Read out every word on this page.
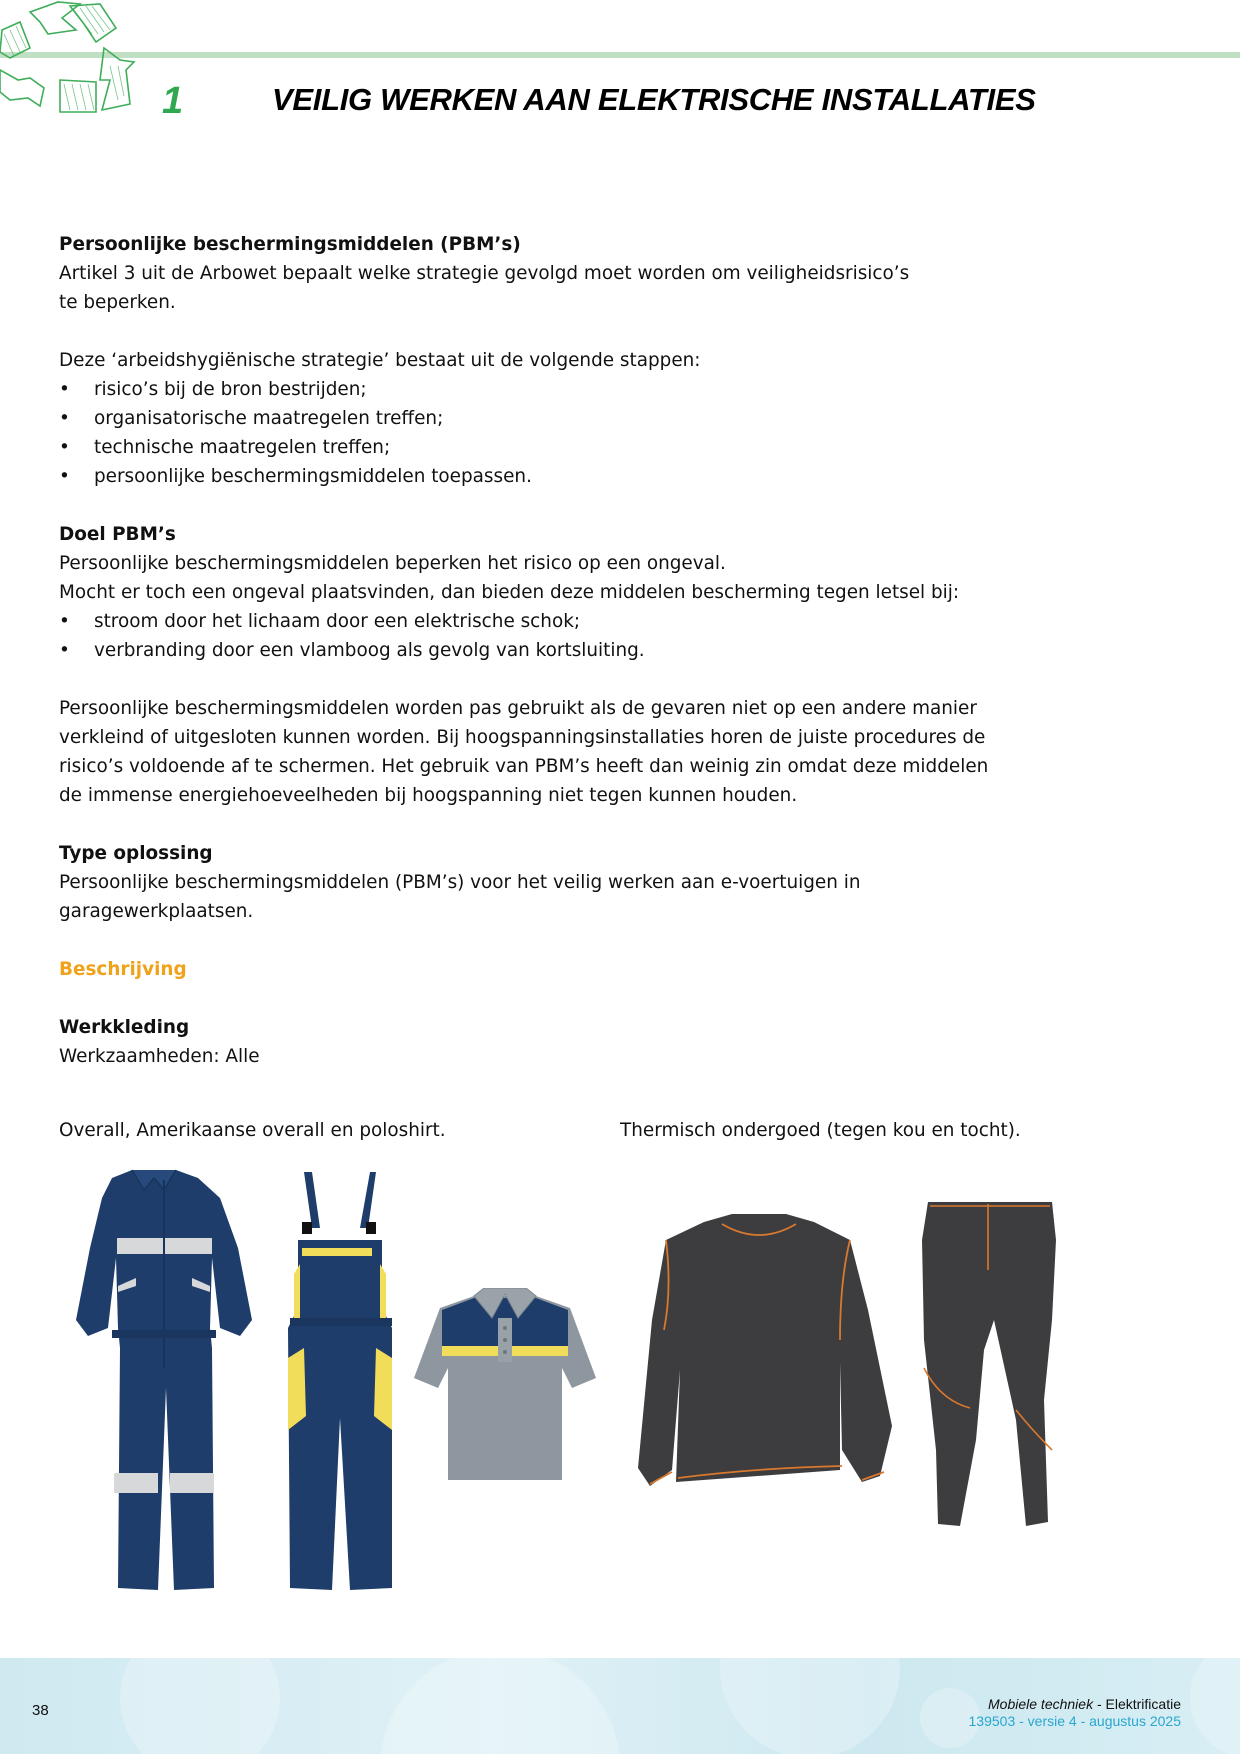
1	VEILIG WERKEN AAN ELEKTRISCHE INSTALLATIES

Persoonlijke beschermingsmiddelen (PBM’s)

Artikel 3 uit de Arbowet bepaalt welke strategie gevolgd moet worden om veiligheidsrisico’s

te beperken.

Deze ‘arbeidshygiënische strategie’ bestaat uit de volgende stappen:

•	risico’s bij de bron bestrijden;
•	organisatorische maatregelen treffen;
•	technische maatregelen treffen;
•	persoonlijke beschermingsmiddelen toepassen.

Doel PBM’s

Persoonlijke beschermingsmiddelen beperken het risico op een ongeval.

Mocht er toch een ongeval plaatsvinden, dan bieden deze middelen bescherming tegen letsel bij:

•	stroom door het lichaam door een elektrische schok;
•	verbranding door een vlamboog als gevolg van kortsluiting.

Persoonlijke beschermingsmiddelen worden pas gebruikt als de gevaren niet op een andere manier

verkleind of uitgesloten kunnen worden. Bij hoogspanningsinstallaties horen de juiste procedures de

risico’s voldoende af te schermen. Het gebruik van PBM’s heeft dan weinig zin omdat deze middelen

de immense energiehoeveelheden bij hoogspanning niet tegen kunnen houden.

Type oplossing

Persoonlijke beschermingsmiddelen (PBM’s) voor het veilig werken aan e-voertuigen in

garagewerkplaatsen.

Beschrijving

Werkkleding

Werkzaamheden: Alle

Overall, Amerikaanse overall en poloshirt.	Thermisch ondergoed (tegen kou en tocht).
38	Mobiele techniek - Elektrificatie
139503 - versie 4 - augustus 2025
